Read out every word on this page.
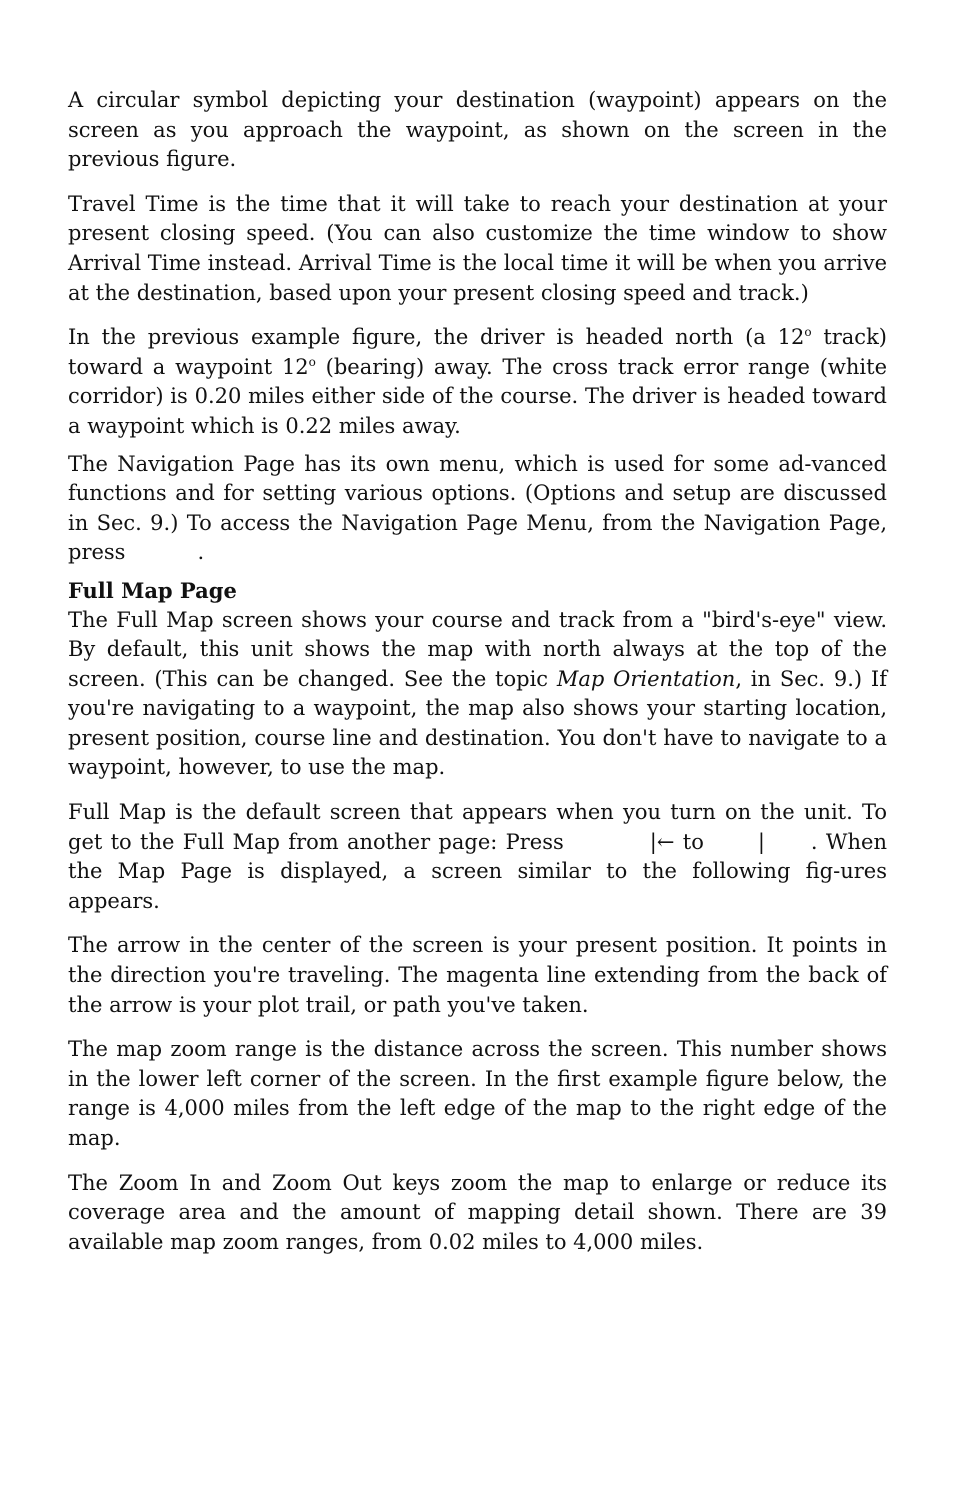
A circular symbol depicting your destination (waypoint) appears on the screen as you approach the waypoint, as shown on the screen in the previous figure.

Travel Time is the time that it will take to reach your destination at your present closing speed. (You can also customize the time window to show Arrival Time instead. Arrival Time is the local time it will be when you arrive at the destination, based upon your present closing speed and track.)

In the previous example figure, the driver is headed north (a 12$^o$ track) toward a waypoint 12$^o$ (bearing) away. The cross track error range (white corridor) is 0.20 miles either side of the course. The driver is headed toward a waypoint which is 0.22 miles away.

The Navigation Page has its own menu, which is used for some ad-vanced functions and for setting various options. (Options and setup are discussed in Sec. 9.) To access the Navigation Page Menu, from the Navigation Page, press	.

Full Map Page

The Full Map screen shows your course and track from a "bird's-eye" view. By default, this unit shows the map with north always at the top of the screen. (This can be changed. See the topic Map Orientation, in Sec. 9.) If you're navigating to a waypoint, the map also shows your starting location, present position, course line and destination. You don't have to navigate to a waypoint, however, to use the map.

Full Map is the default screen that appears when you turn on the unit. To get to the Full Map from another page: Press	|← to	| . When the Map Page is displayed, a screen similar to the following fig-ures appears.

The arrow in the center of the screen is your present position. It points in the direction you're traveling. The magenta line extending from the back of the arrow is your plot trail, or path you've taken.

The map zoom range is the distance across the screen. This number shows in the lower left corner of the screen. In the first example figure below, the range is 4,000 miles from the left edge of the map to the right edge of the map.

The Zoom In and Zoom Out keys zoom the map to enlarge or reduce its coverage area and the amount of mapping detail shown. There are 39 available map zoom ranges, from 0.02 miles to 4,000 miles.
